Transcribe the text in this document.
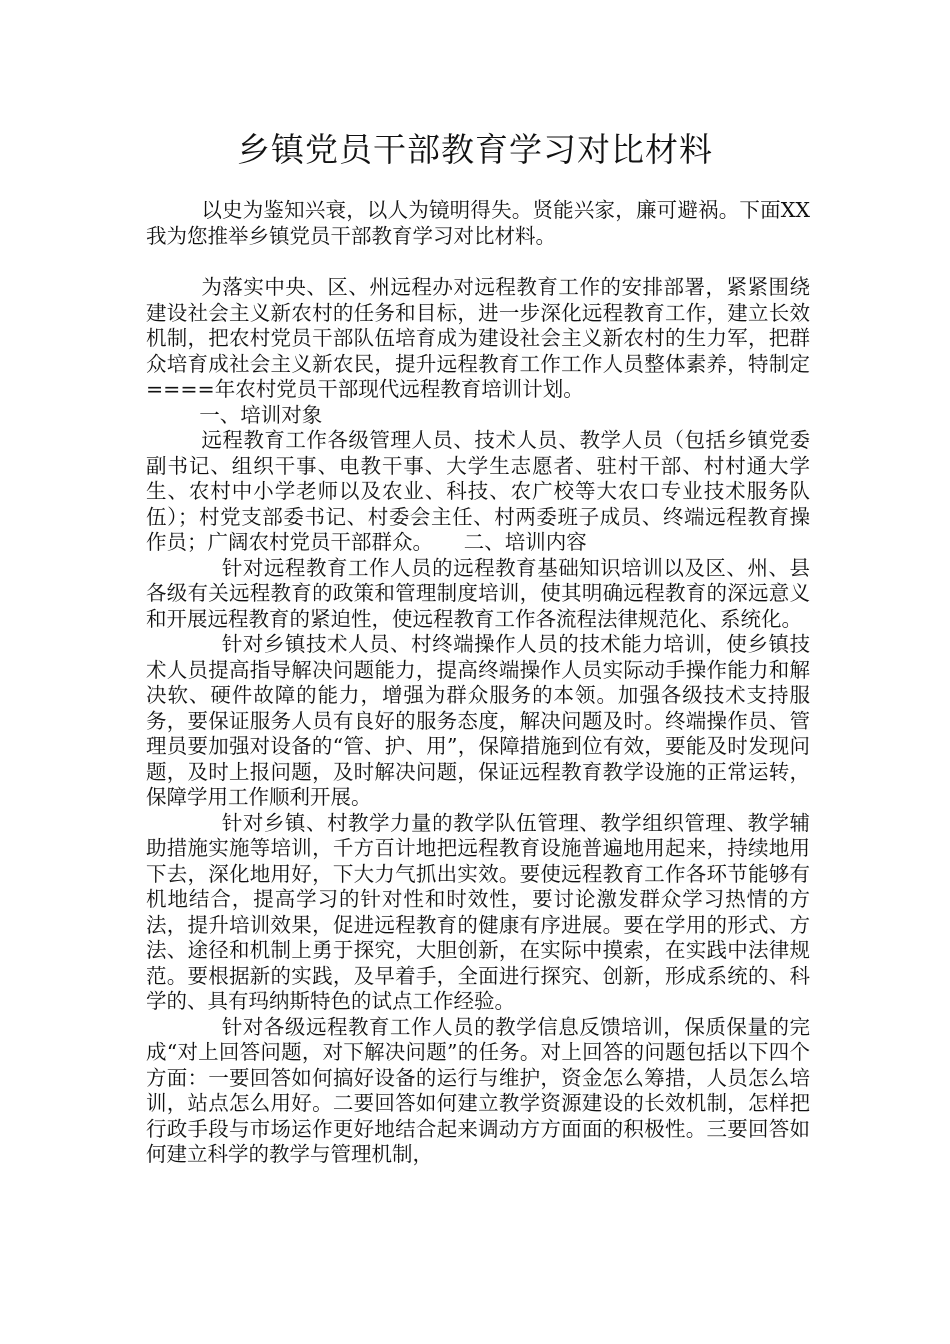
乡镇党员干部教育学习对比材料

以史为鉴知兴衰，以人为镜明得失。贤能兴家，廉可避祸。下面XX我为您推举乡镇党员干部教育学习对比材料。

为落实中央、区、州远程办对远程教育工作的安排部署，紧紧围绕建设社会主义新农村的任务和目标，进一步深化远程教育工作，建立长效机制，把农村党员干部队伍培育成为建设社会主义新农村的生力军，把群众培育成社会主义新农民，提升远程教育工作工作人员整体素养，特制定====年农村党员干部现代远程教育培训计划。

一、培训对象

远程教育工作各级管理人员、技术人员、教学人员（包括乡镇党委副书记、组织干事、电教干事、大学生志愿者、驻村干部、村村通大学生、农村中小学老师以及农业、科技、农广校等大农口专业技术服务队伍）；村党支部委书记、村委会主任、村两委班子成员、终端远程教育操作员；广阔农村党员干部群众。　　二、培训内容

针对远程教育工作人员的远程教育基础知识培训以及区、州、县各级有关远程教育的政策和管理制度培训，使其明确远程教育的深远意义和开展远程教育的紧迫性，使远程教育工作各流程法律规范化、系统化。

针对乡镇技术人员、村终端操作人员的技术能力培训，使乡镇技术人员提高指导解决问题能力，提高终端操作人员实际动手操作能力和解决软、硬件故障的能力，增强为群众服务的本领。加强各级技术支持服务，要保证服务人员有良好的服务态度，解决问题及时。终端操作员、管理员要加强对设备的“管、护、用”，保障措施到位有效，要能及时发现问题，及时上报问题，及时解决问题，保证远程教育教学设施的正常运转，保障学用工作顺利开展。

针对乡镇、村教学力量的教学队伍管理、教学组织管理、教学辅助措施实施等培训，千方百计地把远程教育设施普遍地用起来，持续地用下去，深化地用好，下大力气抓出实效。要使远程教育工作各环节能够有机地结合，提高学习的针对性和时效性，要讨论激发群众学习热情的方法，提升培训效果，促进远程教育的健康有序进展。要在学用的形式、方法、途径和机制上勇于探究，大胆创新，在实际中摸索，在实践中法律规范。要根据新的实践，及早着手，全面进行探究、创新，形成系统的、科学的、具有玛纳斯特色的试点工作经验。

针对各级远程教育工作人员的教学信息反馈培训，保质保量的完成“对上回答问题，对下解决问题”的任务。对上回答的问题包括以下四个方面：一要回答如何搞好设备的运行与维护，资金怎么筹措，人员怎么培训，站点怎么用好。二要回答如何建立教学资源建设的长效机制，怎样把行政手段与市场运作更好地结合起来调动方方面面的积极性。三要回答如何建立科学的教学与管理机制，
